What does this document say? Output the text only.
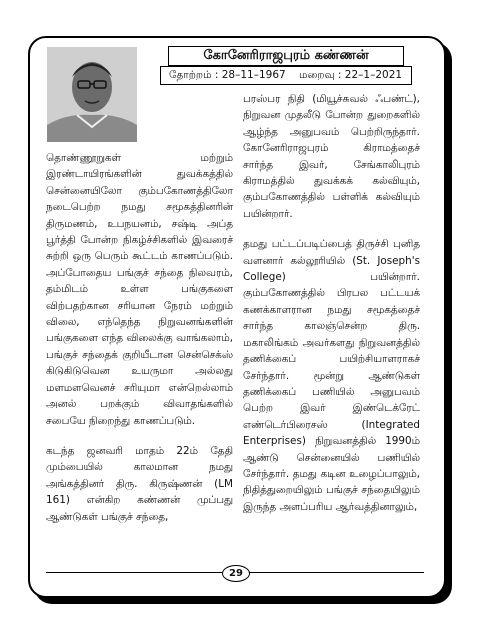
கோனேரிராஜபுரம் கண்ணன்
தோற்றம் : 28–11–1967	மறைவு : 22–1–2021

தொண்ணூறுகள் மற்றும் இரண்டாயிரங்களின் துவக்கத்தில் சென்னையிலோ கும்பகோணத்திலோ நடைபெற்ற நமது சமூகத்தினரின் திருமணம், உபநயனம், சஷ்டி அப்த பூர்த்தி போன்ற நிகழ்ச்சிகளில் இவரைச் சுற்றி ஒரு பெரும் கூட்டம் காணப்படும். அப்போதைய பங்குச் சந்தை நிலவரம், தம்மிடம் உள்ள பங்குகளை விற்பதற்கான சரியான நேரம் மற்றும் விலை, எந்தெந்த நிறுவனங்களின் பங்குகளை எந்த விலைக்கு வாங்கலாம், பங்குச் சந்தைக் குறியீடான சென்செக்ஸ் கிடுகிடுவென உயருமா அல்லது மளமளவெனச் சரியுமா என்றெல்லாம் அனல் பறக்கும் விவாதங்களில் சபையே நிறைந்து காணப்படும்.

கடந்த ஜனவரி மாதம் 22ம் தேதி மும்பையில் காலமான நமது அங்கத்தினர் திரு. கிருஷ்ணன் (LM 161) என்கிற கண்ணன் முப்பது ஆண்டுகள் பங்குச் சந்தை,

பரஸ்பர நிதி (மியூச்சுவல் ஃபண்ட்), நிறுவன முதலீடு போன்ற துறைகளில் ஆழ்ந்த அனுபவம் பெற்றிருந்தார். கோனேரிராஜபுரம் கிராமத்தைச் சார்ந்த இவர், சேங்காலிபுரம் கிராமத்தில் துவக்கக் கல்வியும், கும்பகோணத்தில் பள்ளிக் கல்வியும் பயின்றார்.

தமது பட்டப்படிப்பைத் திருச்சி புனித வளனார் கல்லூரியில் (St. Joseph's College) பயின்றார். கும்பகோணத்தில் பிரபல பட்டயக் கணக்காளரான நமது சமூகத்தைச் சார்ந்த காலஞ்சென்ற திரு. மகாலிங்கம் அவர்களது நிறுவனத்தில் தணிக்கைப் பயிற்சியாளராகச் சேர்ந்தார். மூன்று ஆண்டுகள் தணிக்கைப் பணியில் அனுபவம் பெற்ற இவர் இண்டெக்ரேட் எண்டெர்பிரைசஸ் (Integrated Enterprises) நிறுவனத்தில் 1990ம் ஆண்டு சென்னையில் பணியில் சேர்ந்தார். தமது கடின உழைப்பாலும், நிதித்துறையிலும் பங்குச் சந்தையிலும் இருந்த அளப்பரிய ஆர்வத்தினாலும்,

29
